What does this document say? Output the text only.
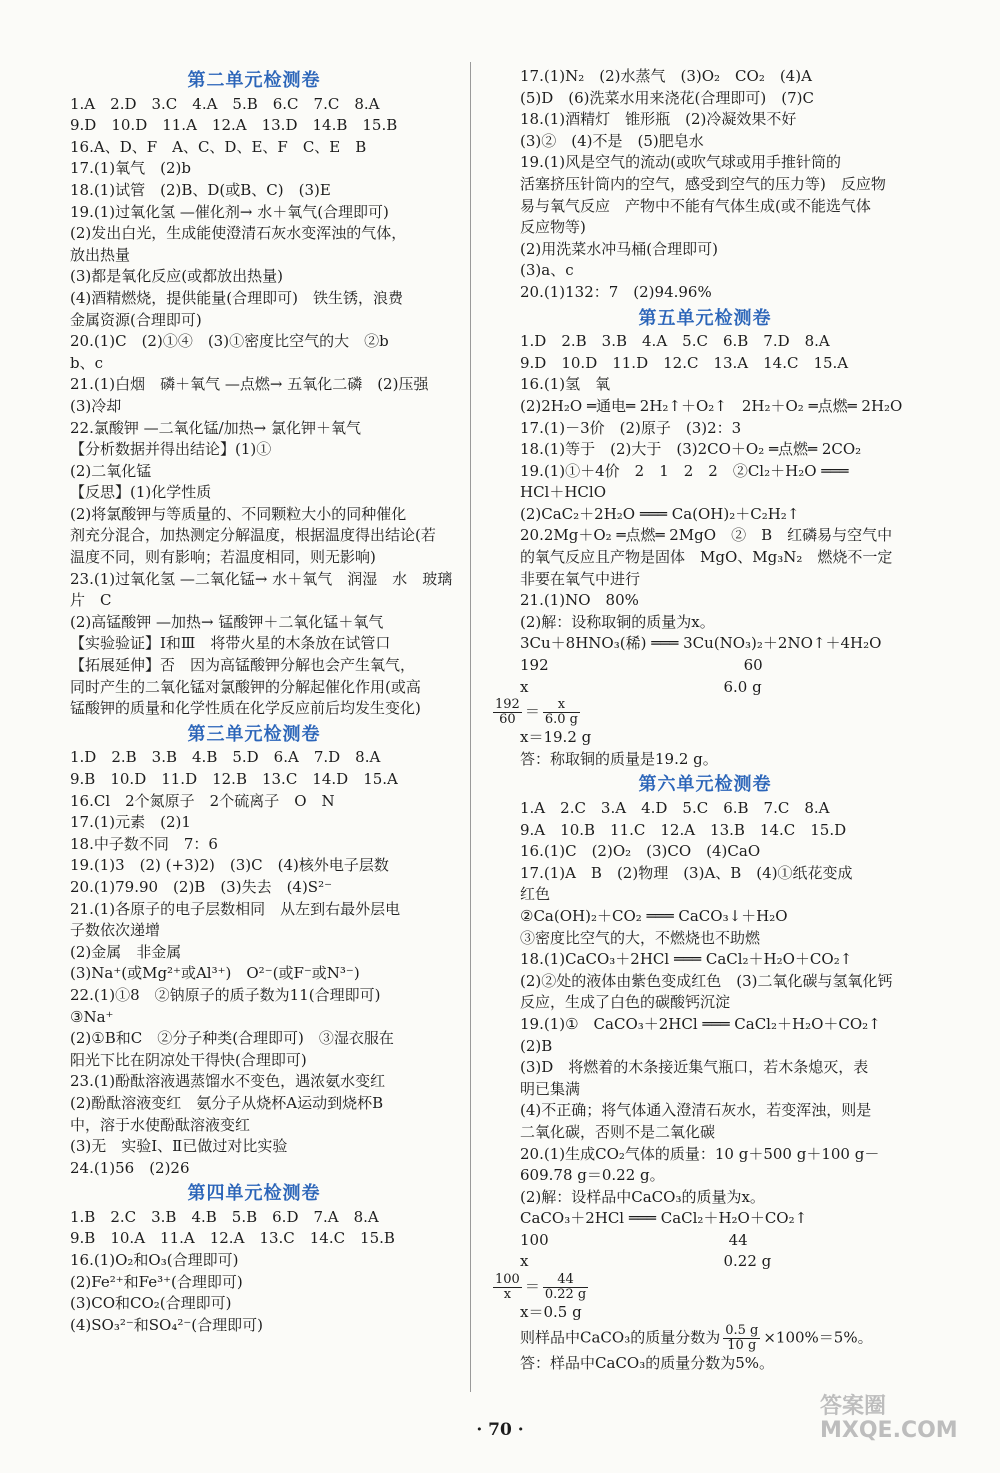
第二单元检测卷
1.A　2.D　3.C　4.A　5.B　6.C　7.C　8.A
9.D　10.D　11.A　12.A　13.D　14.B　15.B
16.A、D、F　A、C、D、E、F　C、E　B
17.(1)氧气　(2)b
18.(1)试管　(2)B、D(或B、C)　(3)E
19.(1)过氧化氢 —催化剂→ 水＋氧气(合理即可)
(2)发出白光，生成能使澄清石灰水变浑浊的气体，
放出热量
(3)都是氧化反应(或都放出热量)
(4)酒精燃烧，提供能量(合理即可)　铁生锈，浪费
金属资源(合理即可)
20.(1)C　(2)①④　(3)①密度比空气的大　②b
b、c
21.(1)白烟　磷＋氧气 —点燃→ 五氧化二磷　(2)压强
(3)冷却
22.氯酸钾 —二氧化锰/加热→ 氯化钾＋氧气
【分析数据并得出结论】(1)①
(2)二氧化锰
【反思】(1)化学性质
(2)将氯酸钾与等质量的、不同颗粒大小的同种催化
剂充分混合，加热测定分解温度，根据温度得出结论(若
温度不同，则有影响；若温度相同，则无影响)
23.(1)过氧化氢 —二氧化锰→ 水＋氧气　润湿　水　玻璃
片　C
(2)高锰酸钾 —加热→ 锰酸钾＋二氧化锰＋氧气
【实验验证】Ⅰ和Ⅲ　将带火星的木条放在试管口
【拓展延伸】否　因为高锰酸钾分解也会产生氧气，
同时产生的二氧化锰对氯酸钾的分解起催化作用(或高
锰酸钾的质量和化学性质在化学反应前后均发生变化)
第三单元检测卷
1.D　2.B　3.B　4.B　5.D　6.A　7.D　8.A
9.B　10.D　11.D　12.B　13.C　14.D　15.A
16.Cl　2个氮原子　2个硫离子　O　N
17.(1)元素　(2)1
18.中子数不同　7：6
19.(1)3　(2) (+3)2)　(3)C　(4)核外电子层数
20.(1)79.90　(2)B　(3)失去　(4)S²⁻
21.(1)各原子的电子层数相同　从左到右最外层电
子数依次递增
(2)金属　非金属
(3)Na⁺(或Mg²⁺或Al³⁺)　O²⁻(或F⁻或N³⁻)
22.(1)①8　②钠原子的质子数为11(合理即可)
③Na⁺
(2)①B和C　②分子种类(合理即可)　③湿衣服在
阳光下比在阴凉处干得快(合理即可)
23.(1)酚酞溶液遇蒸馏水不变色，遇浓氨水变红
(2)酚酞溶液变红　氨分子从烧杯A运动到烧杯B
中，溶于水使酚酞溶液变红
(3)无　实验Ⅰ、Ⅱ已做过对比实验
24.(1)56　(2)26
第四单元检测卷
1.B　2.C　3.B　4.B　5.B　6.D　7.A　8.A
9.B　10.A　11.A　12.A　13.C　14.C　15.B
16.(1)O₂和O₃(合理即可)
(2)Fe²⁺和Fe³⁺(合理即可)
(3)CO和CO₂(合理即可)
(4)SO₃²⁻和SO₄²⁻(合理即可)
17.(1)N₂　(2)水蒸气　(3)O₂　CO₂　(4)A
(5)D　(6)洗菜水用来浇花(合理即可)　(7)C
18.(1)酒精灯　锥形瓶　(2)冷凝效果不好
(3)②　(4)不是　(5)肥皂水
19.(1)风是空气的流动(或吹气球或用手推针筒的
活塞挤压针筒内的空气，感受到空气的压力等)　反应物
易与氧气反应　产物中不能有气体生成(或不能选气体
反应物等)
(2)用洗菜水冲马桶(合理即可)
(3)a、c
20.(1)132：7　(2)94.96%
第五单元检测卷
1.D　2.B　3.B　4.A　5.C　6.B　7.D　8.A
9.D　10.D　11.D　12.C　13.A　14.C　15.A
16.(1)氢　氧
(2)2H₂O ═通电═ 2H₂↑＋O₂↑　2H₂＋O₂ ═点燃═ 2H₂O
17.(1)－3价　(2)原子　(3)2：3
18.(1)等于　(2)大于　(3)2CO＋O₂ ═点燃═ 2CO₂
19.(1)①＋4价　2　1　2　2　②Cl₂＋H₂O ═══
HCl＋HClO
(2)CaC₂＋2H₂O ═══ Ca(OH)₂＋C₂H₂↑
20.2Mg＋O₂ ═点燃═ 2MgO　②　B　红磷易与空气中
的氧气反应且产物是固体　MgO、Mg₃N₂　燃烧不一定
非要在氧气中进行
21.(1)NO　80%
(2)解：设称取铜的质量为x。
3Cu＋8HNO₃(稀) ═══ 3Cu(NO₃)₂＋2NO↑＋4H₂O
192　　　　　　　　　　　　　60
x　　　　　　　　　　　　　6.0 g
$\frac{192}{60} = \frac{x}{6.0 g}$
x＝19.2 g
答：称取铜的质量是19.2 g。
第六单元检测卷
1.A　2.C　3.A　4.D　5.C　6.B　7.C　8.A
9.A　10.B　11.C　12.A　13.B　14.C　15.D
16.(1)C　(2)O₂　(3)CO　(4)CaO
17.(1)A　B　(2)物理　(3)A、B　(4)①纸花变成
红色
②Ca(OH)₂＋CO₂ ═══ CaCO₃↓＋H₂O
③密度比空气的大，不燃烧也不助燃
18.(1)CaCO₃＋2HCl ═══ CaCl₂＋H₂O＋CO₂↑
(2)②处的液体由紫色变成红色　(3)二氧化碳与氢氧化钙
反应，生成了白色的碳酸钙沉淀
19.(1)①　CaCO₃＋2HCl ═══ CaCl₂＋H₂O＋CO₂↑
(2)B
(3)D　将燃着的木条接近集气瓶口，若木条熄灭，表
明已集满
(4)不正确；将气体通入澄清石灰水，若变浑浊，则是
二氧化碳，否则不是二氧化碳
20.(1)生成CO₂气体的质量：10 g＋500 g＋100 g－
609.78 g＝0.22 g。
(2)解：设样品中CaCO₃的质量为x。
CaCO₃＋2HCl ═══ CaCl₂＋H₂O＋CO₂↑
100　　　　　　　　　　　　44
x　　　　　　　　　　　　　0.22 g
$\frac{100}{x} = \frac{44}{0.22 g}$
x＝0.5 g
则样品中CaCO₃的质量分数为 $\frac{0.5 g}{10 g} \times 100\%=5\%$。
答：样品中CaCO₃的质量分数为5%。
· 70 ·
答案圈
MXQE.COM
